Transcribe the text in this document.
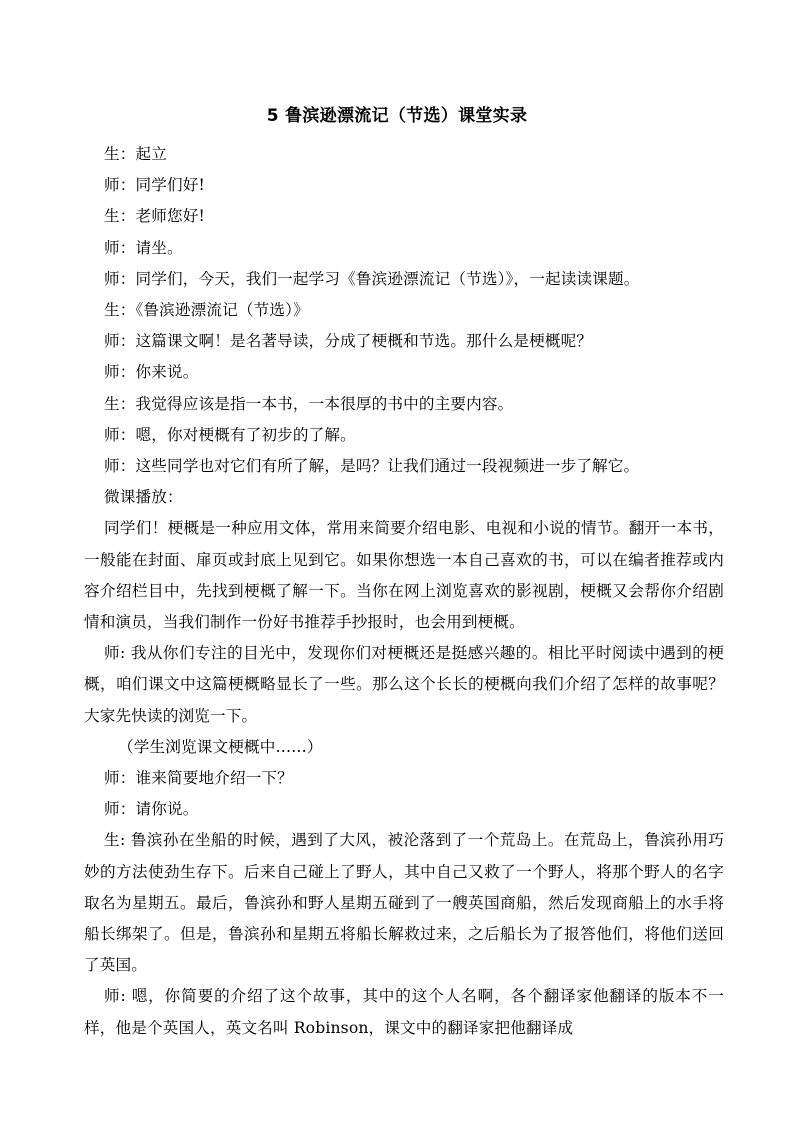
5 鲁滨逊漂流记（节选）课堂实录

生：起立

师：同学们好!

生：老师您好!

师：请坐。

师：同学们，今天，我们一起学习《鲁滨逊漂流记（节选）》，一起读读课题。

生：《鲁滨逊漂流记（节选）》

师：这篇课文啊！是名著导读，分成了梗概和节选。那什么是梗概呢？

师：你来说。

生：我觉得应该是指一本书，一本很厚的书中的主要内容。

师：嗯，你对梗概有了初步的了解。

师：这些同学也对它们有所了解，是吗？让我们通过一段视频进一步了解它。

微课播放：

同学们！梗概是一种应用文体，常用来简要介绍电影、电视和小说的情节。翻开一本书，一般能在封面、扉页或封底上见到它。如果你想选一本自己喜欢的书，可以在编者推荐或内容介绍栏目中，先找到梗概了解一下。当你在网上浏览喜欢的影视剧，梗概又会帮你介绍剧情和演员，当我们制作一份好书推荐手抄报时，也会用到梗概。

师: 我从你们专注的目光中，发现你们对梗概还是挺感兴趣的。相比平时阅读中遇到的梗概，咱们课文中这篇梗概略显长了一些。那么这个长长的梗概向我们介绍了怎样的故事呢？大家先快读的浏览一下。

（学生浏览课文梗概中……）

师：谁来简要地介绍一下？

师：请你说。

生: 鲁滨孙在坐船的时候，遇到了大风，被沦落到了一个荒岛上。在荒岛上，鲁滨孙用巧妙的方法使劲生存下。后来自己碰上了野人，其中自己又救了一个野人，将那个野人的名字取名为星期五。最后，鲁滨孙和野人星期五碰到了一艘英国商船，然后发现商船上的水手将船长绑架了。但是，鲁滨孙和星期五将船长解救过来，之后船长为了报答他们，将他们送回了英国。

师: 嗯，你简要的介绍了这个故事，其中的这个人名啊，各个翻译家他翻译的版本不一样，他是个英国人，英文名叫 Robinson，课文中的翻译家把他翻译成
